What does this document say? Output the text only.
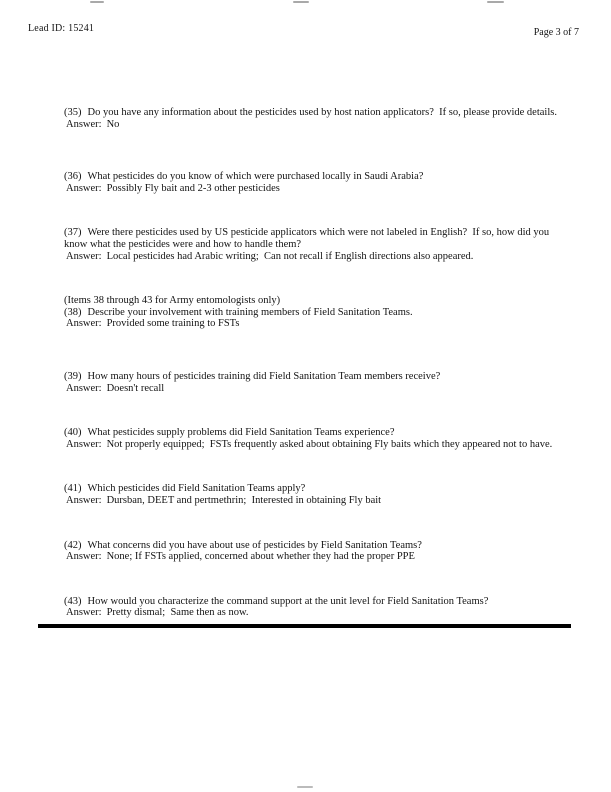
Lead ID: 15241	Page 3 of 7

(35) Do you have any information about the pesticides used by host nation applicators?  If so, please provide details.

Answer: No

(36) What pesticides do you know of which were purchased locally in Saudi Arabia?

Answer: Possibly Fly bait and 2-3 other pesticides

(37) Were there pesticides used by US pesticide applicators which were not labeled in English?  If so, how did you know what the pesticides were and how to handle them?

Answer: Local pesticides had Arabic writing;  Can not recall if English directions also appeared.

(Items 38 through 43 for Army entomologists only)

(38) Describe your involvement with training members of Field Sanitation Teams.

Answer: Provided some training to FSTs

(39) How many hours of pesticides training did Field Sanitation Team members receive?

Answer: Doesn't recall

(40) What pesticides supply problems did Field Sanitation Teams experience?

Answer: Not properly equipped;  FSTs frequently asked about obtaining Fly baits which they appeared not to have.

(41) Which pesticides did Field Sanitation Teams apply?

Answer: Dursban, DEET and pertmethrin;  Interested in obtaining Fly bait

(42) What concerns did you have about use of pesticides by Field Sanitation Teams?

Answer: None; If FSTs applied, concerned about whether they had the proper PPE

(43) How would you characterize the command support at the unit level for Field Sanitation Teams?

Answer: Pretty dismal;  Same then as now.
